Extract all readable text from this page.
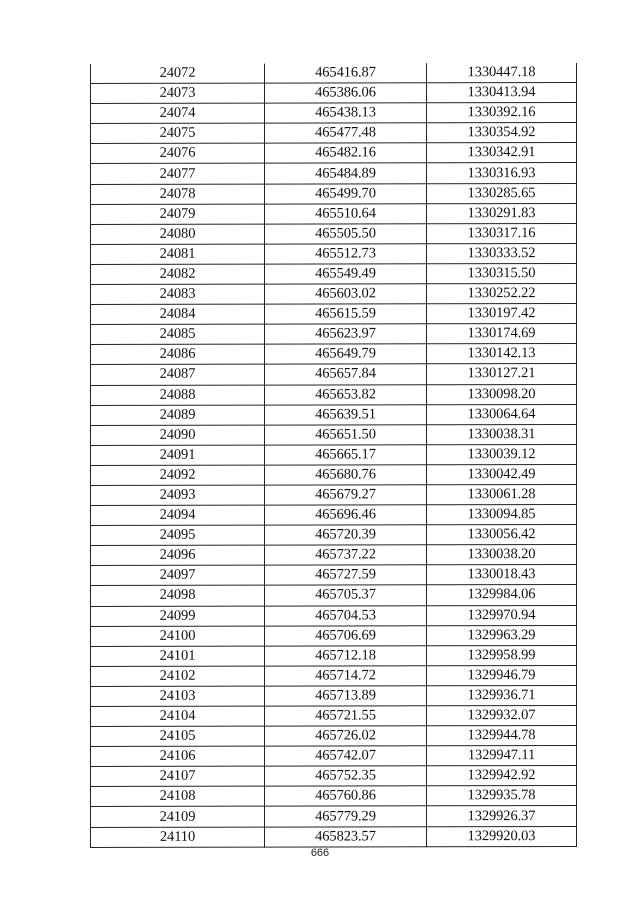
24072	465416.87	1330447.18
24073	465386.06	1330413.94
24074	465438.13	1330392.16
24075	465477.48	1330354.92
24076	465482.16	1330342.91
24077	465484.89	1330316.93
24078	465499.70	1330285.65
24079	465510.64	1330291.83
24080	465505.50	1330317.16
24081	465512.73	1330333.52
24082	465549.49	1330315.50
24083	465603.02	1330252.22
24084	465615.59	1330197.42
24085	465623.97	1330174.69
24086	465649.79	1330142.13
24087	465657.84	1330127.21
24088	465653.82	1330098.20
24089	465639.51	1330064.64
24090	465651.50	1330038.31
24091	465665.17	1330039.12
24092	465680.76	1330042.49
24093	465679.27	1330061.28
24094	465696.46	1330094.85
24095	465720.39	1330056.42
24096	465737.22	1330038.20
24097	465727.59	1330018.43
24098	465705.37	1329984.06
24099	465704.53	1329970.94
24100	465706.69	1329963.29
24101	465712.18	1329958.99
24102	465714.72	1329946.79
24103	465713.89	1329936.71
24104	465721.55	1329932.07
24105	465726.02	1329944.78
24106	465742.07	1329947.11
24107	465752.35	1329942.92
24108	465760.86	1329935.78
24109	465779.29	1329926.37
24110	465823.57	1329920.03
666
